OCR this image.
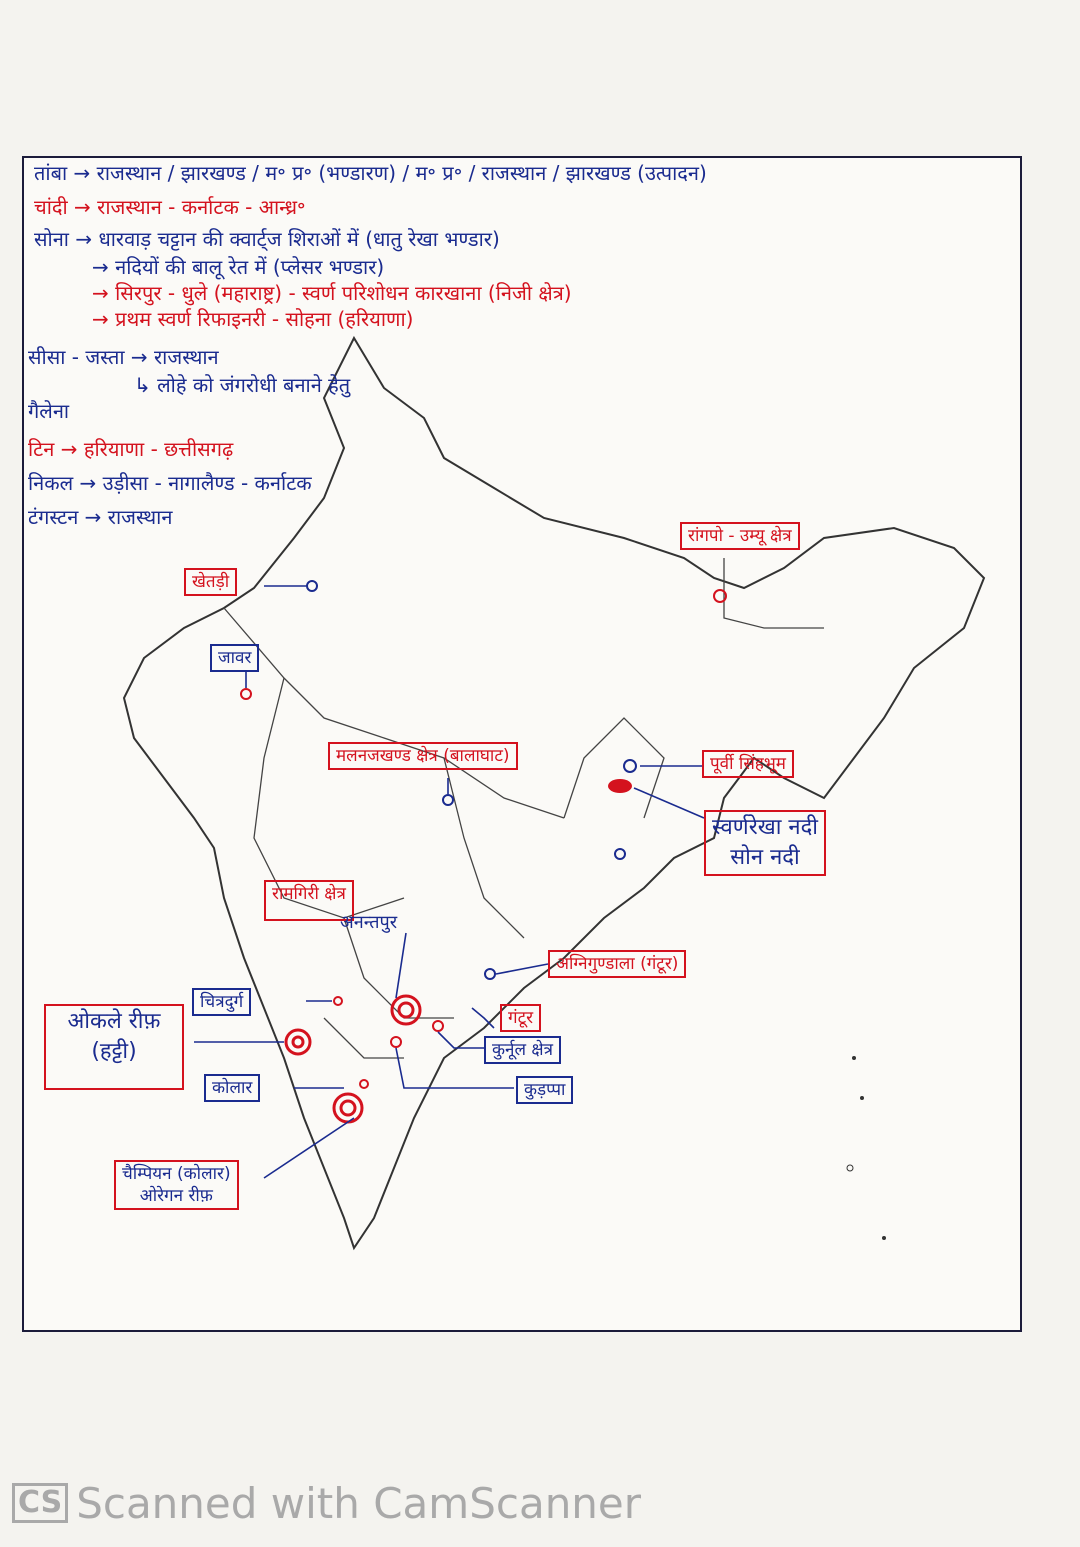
तांबा → राजस्थान / झारखण्ड / म॰ प्र॰ (भण्डारण) / म॰ प्र॰ / राजस्थान / झारखण्ड (उत्पादन)
चांदी → राजस्थान - कर्नाटक - आन्ध्र॰
सोना → धारवाड़ चट्टान की क्वार्ट्ज शिराओं में (धातु रेखा भण्डार)
→ नदियों की बालू रेत में (प्लेसर भण्डार)
→ सिरपुर - धुले (महाराष्ट्र) - स्वर्ण परिशोधन कारखाना (निजी क्षेत्र)
→ प्रथम स्वर्ण रिफाइनरी - सोहना (हरियाणा)
सीसा - जस्ता → राजस्थान
↳ लोहे को जंगरोधी बनाने हेतु
गैलेना
टिन → हरियाणा - छत्तीसगढ़
निकल → उड़ीसा - नागालैण्ड - कर्नाटक
टंगस्टन → राजस्थान
खेतड़ी
जावर
रांगपो - उम्यू क्षेत्र
मलनजखण्ड क्षेत्र (बालाघाट)	पूर्वी सिंहभूम
स्वर्णरेखा नदी
सोन नदी
रामगिरी क्षेत्र
अनन्तपुर
अग्निगुण्डाला (गंटूर)
चित्रदुर्ग
गंटूर
कुर्नूल क्षेत्र
कुड़प्पा
ओकले रीफ़
(हट्टी)
कोलार
चैम्पियन (कोलार)
ओरेगन रीफ़
CS Scanned with CamScanner
